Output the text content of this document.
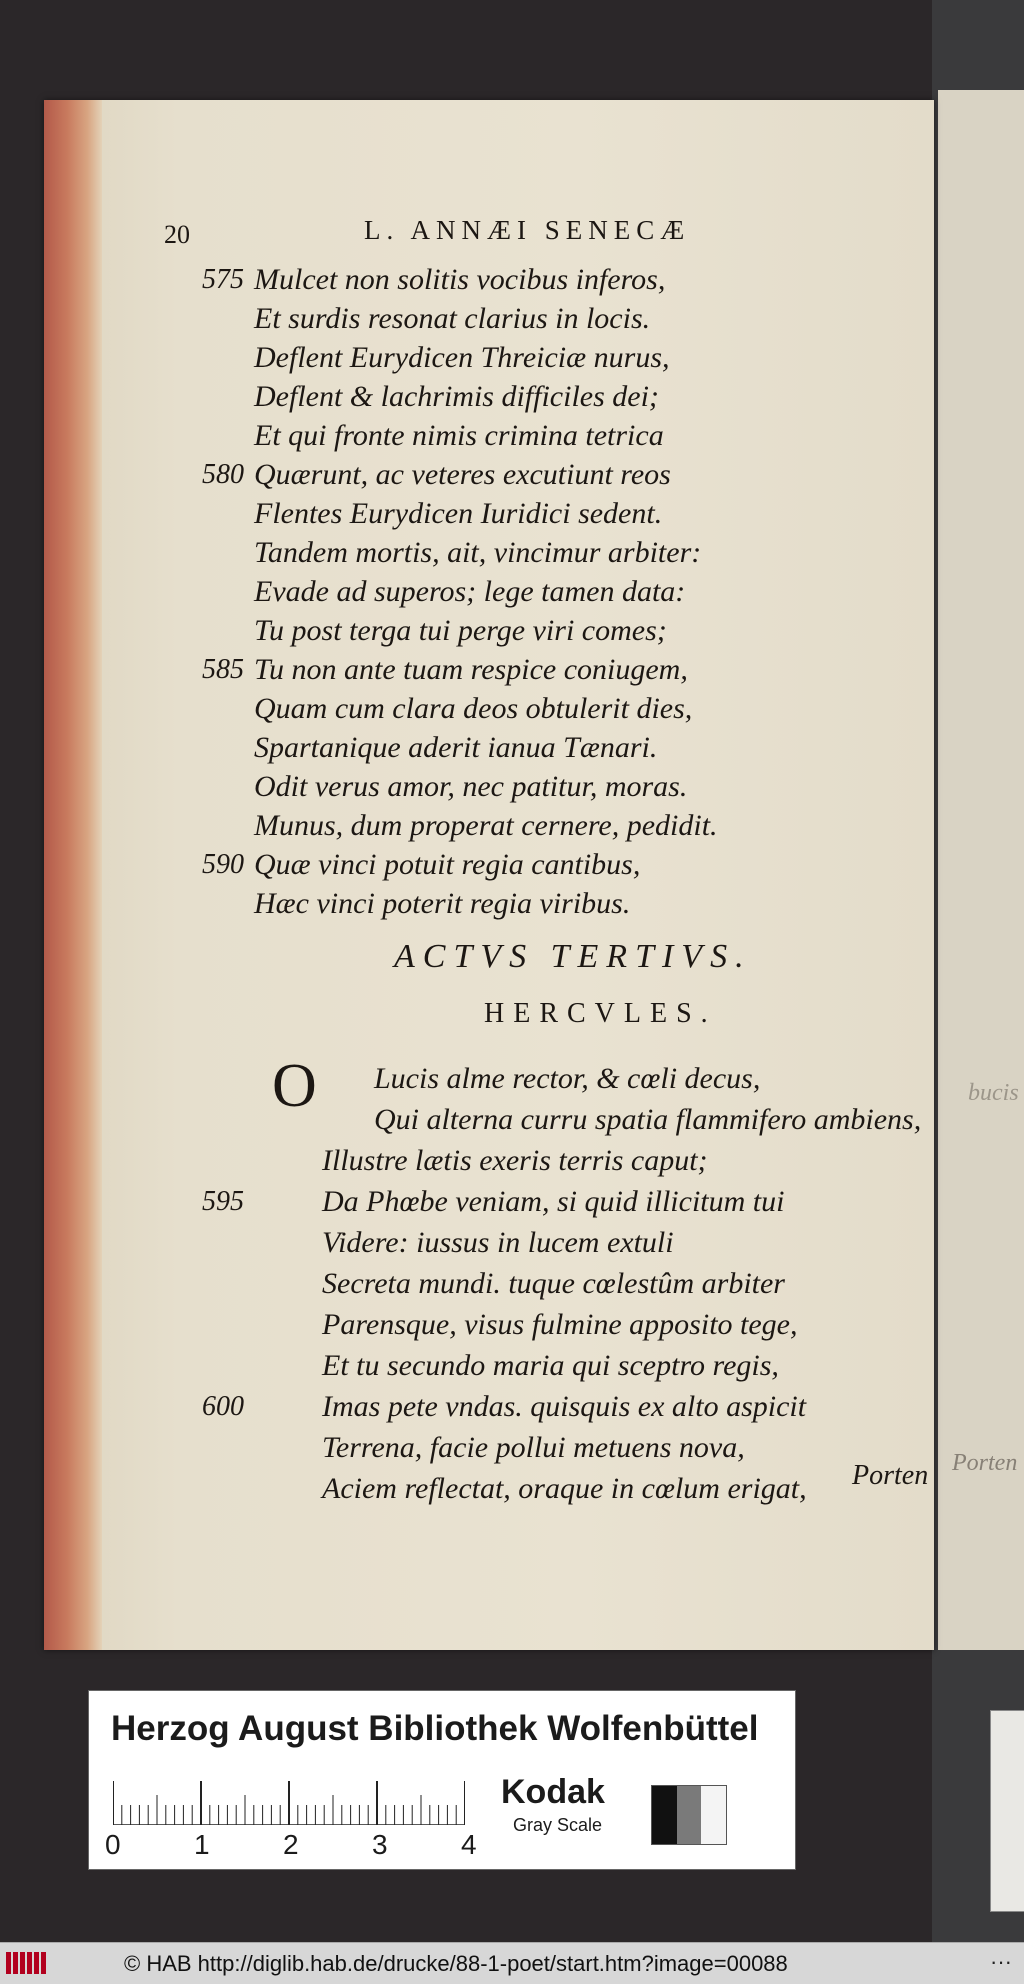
bucis
Porten
20	L. ANNÆI SENECÆ
575 Mulcet non solitis vocibus inferos,
Et surdis resonat clarius in locis.
Deflent Eurydicen Threiciæ nurus,
Deflent & lachrimis difficiles dei;
Et qui fronte nimis crimina tetrica
580 Quærunt, ac veteres excutiunt reos
Flentes Eurydicen Iuridici sedent.
Tandem mortis, ait, vincimur arbiter:
Evade ad superos; lege tamen data:
Tu post terga tui perge viri comes;
585 Tu non ante tuam respice coniugem,
Quam cum clara deos obtulerit dies,
Spartanique aderit ianua Tænari.
Odit verus amor, nec patitur, moras.
Munus, dum properat cernere, pedidit.
590 Quæ vinci potuit regia cantibus,
Hæc vinci poterit regia viribus.
ACTVS TERTIVS.
HERCVLES.
O Lucis alme rector, & cœli decus,
Qui alterna curru spatia flammifero ambiens,
Illustre lætis exeris terris caput;
595	Da Phœbe veniam, si quid illicitum tui
Videre: iussus in lucem extuli
Secreta mundi. tuque cœlestûm arbiter
Parensque, visus fulmine apposito tege,
Et tu secundo maria qui sceptro regis,
600	Imas pete vndas. quisquis ex alto aspicit
Terrena, facie pollui metuens nova,
Aciem reflectat, oraque in cœlum erigat, Porten
Herzog August Bibliothek Wolfenbüttel
0	1	2	3	4
Kodak
Gray Scale
© HAB http://diglib.hab.de/drucke/88-1-poet/start.htm?image=00088	···
